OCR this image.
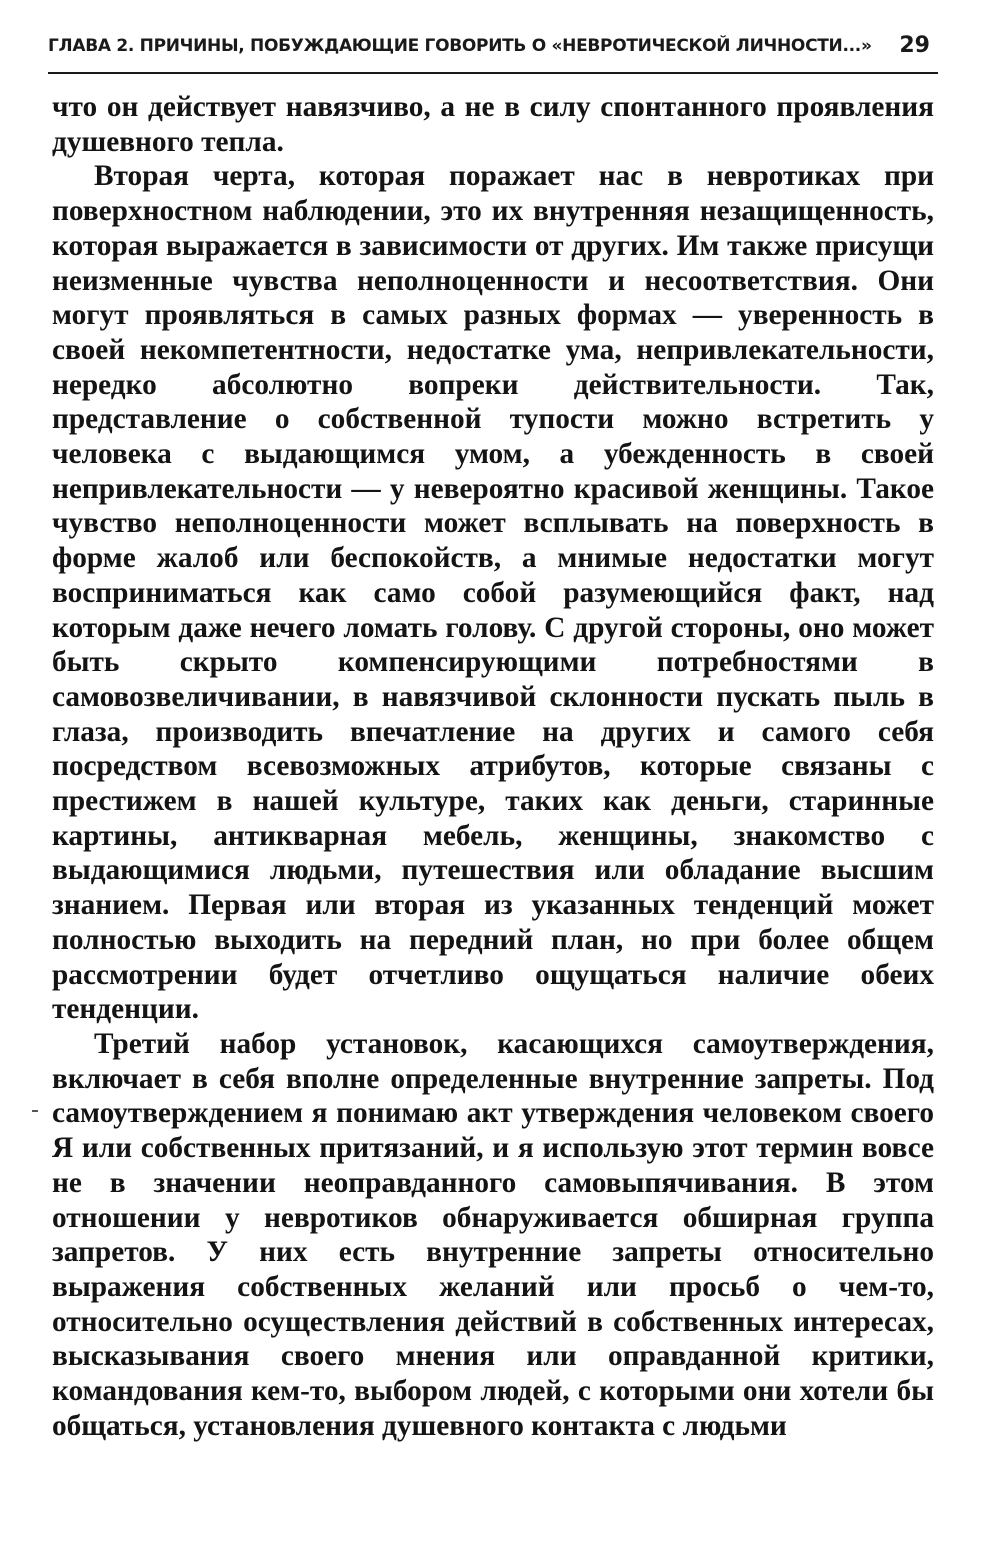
ГЛАВА 2. ПРИЧИНЫ, ПОБУЖДАЮЩИЕ ГОВОРИТЬ О «НЕВРОТИЧЕСКОЙ ЛИЧНОСТИ...» 29

что он действует навязчиво, а не в силу спонтанного проявления душевного тепла.

Вторая черта, которая поражает нас в невротиках при поверхностном наблюдении, это их внутренняя незащищенность, которая выражается в зависимости от других. Им также присущи неизменные чувства неполноценности и несоответствия. Они могут проявляться в самых разных формах — уверенность в своей некомпетентности, недостатке ума, непривлекательности, нередко абсолютно вопреки действительности. Так, представление о собственной тупости можно встретить у человека с выдающимся умом, а убежденность в своей непривлекательности — у невероятно красивой женщины. Такое чувство неполноценности может всплывать на поверхность в форме жалоб или беспокойств, а мнимые недостатки могут восприниматься как само собой разумеющийся факт, над которым даже нечего ломать голову. С другой стороны, оно может быть скрыто компенсирующими потребностями в самовозвеличивании, в навязчивой склонности пускать пыль в глаза, производить впечатление на других и самого себя посредством всевозможных атрибутов, которые связаны с престижем в нашей культуре, таких как деньги, старинные картины, антикварная мебель, женщины, знакомство с выдающимися людьми, путешествия или обладание высшим знанием. Первая или вторая из указанных тенденций может полностью выходить на передний план, но при более общем рассмотрении будет отчетливо ощущаться наличие обеих тенденции.

Третий набор установок, касающихся самоутверждения, включает в себя вполне определенные внутренние запреты. Под самоутверждением я понимаю акт утверждения человеком своего Я или собственных притязаний, и я использую этот термин вовсе не в значении неоправданного самовыпячивания. В этом отношении у невротиков обнаруживается обширная группа запретов. У них есть внутренние запреты относительно выражения собственных желаний или просьб о чем-то, относительно осуществления действий в собственных интересах, высказывания своего мнения или оправданной критики, командования кем-то, выбором людей, с которыми они хотели бы общаться, установления душевного контакта с людьми
